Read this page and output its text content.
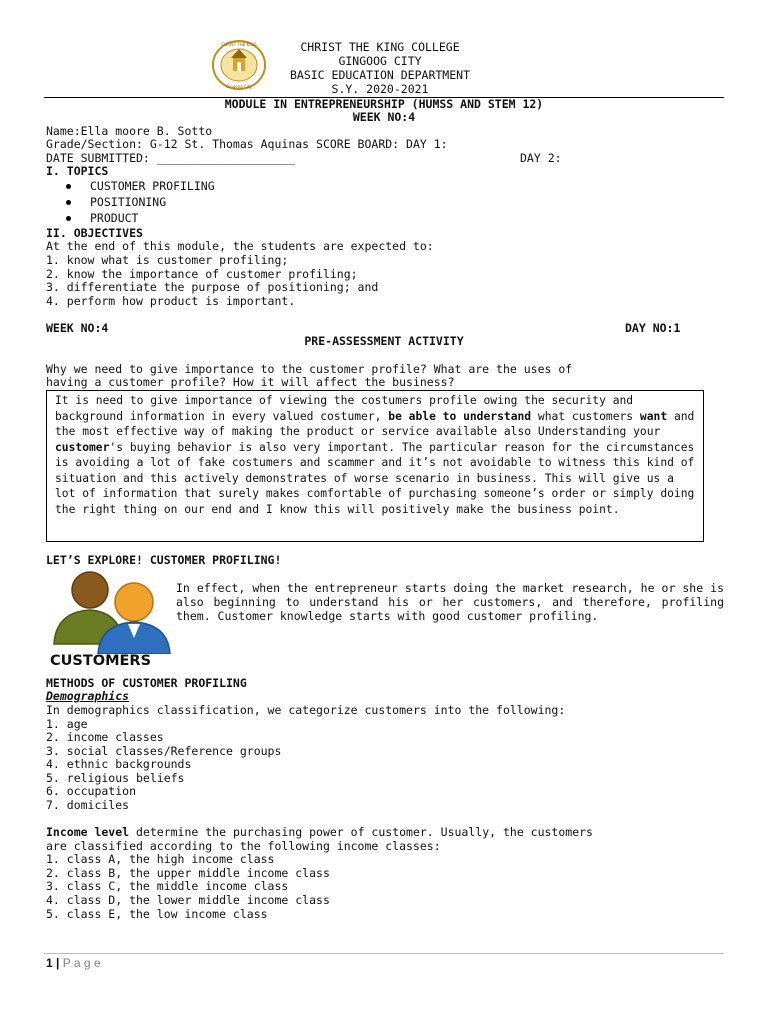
CHRIST THE KING
Gingoog City
CHRIST THE KING COLLEGE
GINGOOG CITY
BASIC EDUCATION DEPARTMENT
S.Y. 2020-2021
MODULE IN ENTREPRENEURSHIP (HUMSS AND STEM 12)
WEEK NO:4
Name:Ella moore B. Sotto
Grade/Section: G-12 St. Thomas Aquinas SCORE BOARD: DAY 1:
DATE SUBMITTED: ____________________	DAY 2:
I. TOPICS
CUSTOMER PROFILING
POSITIONING
PRODUCT
II. OBJECTIVES
At the end of this module, the students are expected to:
1. know what is customer profiling;
2. know the importance of customer profiling;
3. differentiate the purpose of positioning; and
4. perform how product is important.
WEEK NO:4	DAY NO:1
PRE-ASSESSMENT ACTIVITY
Why we need to give importance to the customer profile? What are the uses of
having a customer profile? How it will affect the business?

It is need to give importance of viewing the costumers profile owing the security and background information in every valued costumer, be able to understand what customers want and the most effective way of making the product or service available also Understanding your customer's buying behavior is also very important. The particular reason for the circumstances is avoiding a lot of fake costumers and scammer and it’s not avoidable to witness this kind of situation and this actively demonstrates of worse scenario in business. This will give us a lot of information that surely makes comfortable of purchasing someone’s order or simply doing the right thing on our end and I know this will positively make the business point.

LET’S EXPLORE! CUSTOMER PROFILING!
CUSTOMERS
In effect, when the entrepreneur starts doing the market research, he or she is also beginning to understand his or her customers, and therefore, profiling them. Customer knowledge starts with good customer profiling.
METHODS OF CUSTOMER PROFILING
Demographics
In demographics classification, we categorize customers into the following:
1. age
2. income classes
3. social classes/Reference groups
4. ethnic backgrounds
5. religious beliefs
6. occupation
7. domiciles
Income level determine the purchasing power of customer. Usually, the customers
are classified according to the following income classes:
1. class A, the high income class
2. class B, the upper middle income class
3. class C, the middle income class
4. class D, the lower middle income class
5. class E, the low income class
1 | P a g e
